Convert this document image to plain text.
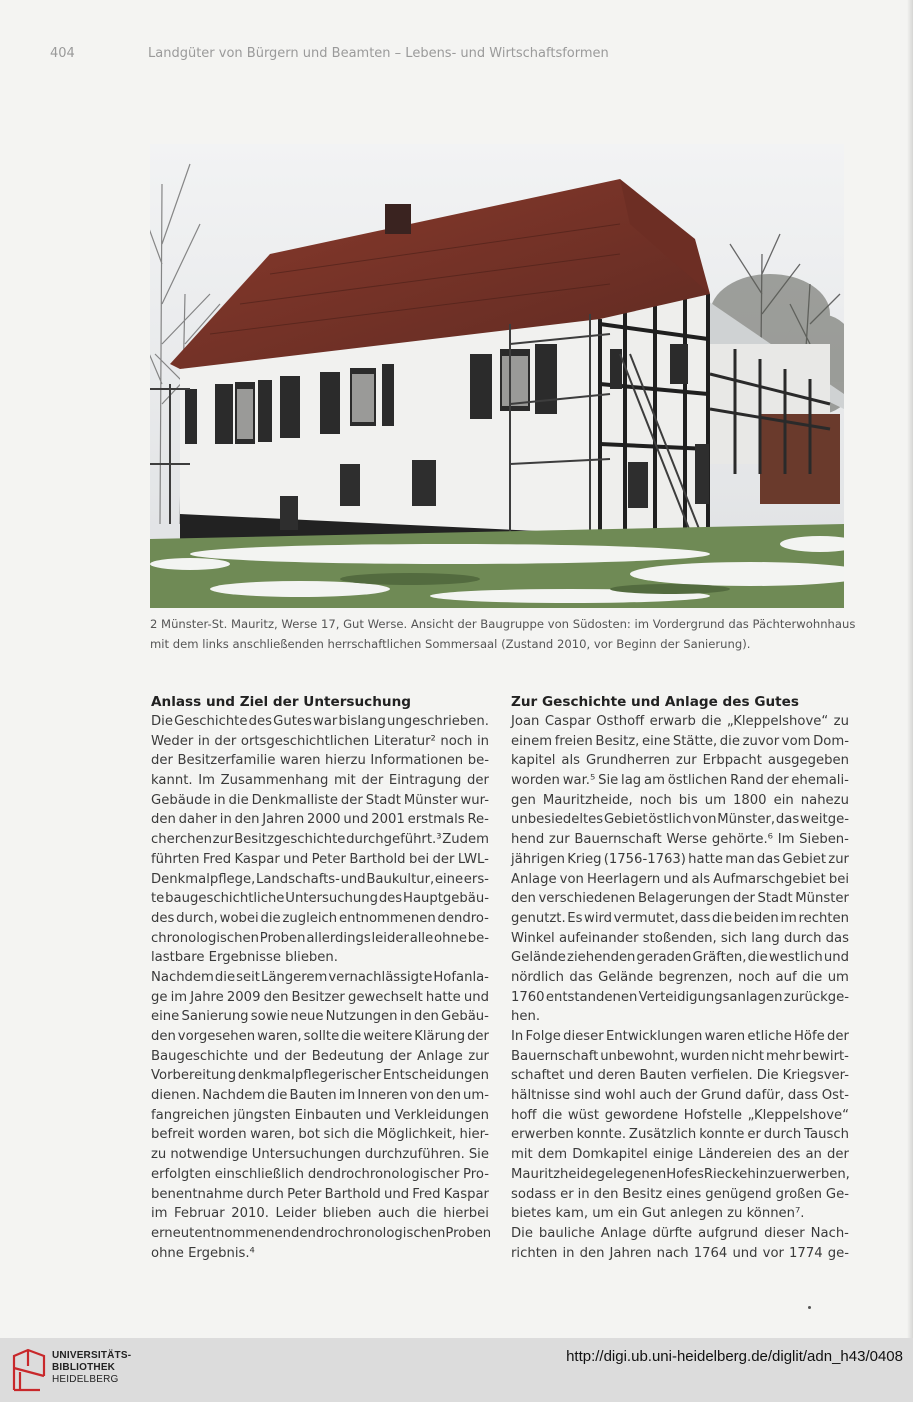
404	Landgüter von Bürgern und Beamten – Lebens- und Wirtschaftsformen

2 Münster-St. Mauritz, Werse 17, Gut Werse. Ansicht der Baugruppe von Südosten: im Vordergrund das Pächterwohnhaus

mit dem links anschließenden herrschaftlichen Sommersaal (Zustand 2010, vor Beginn der Sanierung).

Anlass und Ziel der Untersuchung
Die Geschichte des Gutes war bislang ungeschrieben.
Weder in der ortsgeschichtlichen Literatur² noch in
der Besitzerfamilie waren hierzu Informationen be-
kannt. Im Zusammenhang mit der Eintragung der
Gebäude in die Denkmalliste der Stadt Münster wur-
den daher in den Jahren 2000 und 2001 erstmals Re-
cherchen zur Besitzgeschichte durchgeführt.³ Zudem
führten Fred Kaspar und Peter Barthold bei der LWL-
Denkmalpflege, Landschafts- und Baukultur, eine ers-
te baugeschichtliche Untersuchung des Hauptgebäu-
des durch, wobei die zugleich entnommenen dendro-
chronologischen Proben allerdings leider alle ohne be-
lastbare Ergebnisse blieben.
Nachdem die seit Längerem vernachlässigte Hofanla-
ge im Jahre 2009 den Besitzer gewechselt hatte und
eine Sanierung sowie neue Nutzungen in den Gebäu-
den vorgesehen waren, sollte die weitere Klärung der
Baugeschichte und der Bedeutung der Anlage zur
Vorbereitung denkmalpflegerischer Entscheidungen
dienen. Nachdem die Bauten im Inneren von den um-
fangreichen jüngsten Einbauten und Verkleidungen
befreit worden waren, bot sich die Möglichkeit, hier-
zu notwendige Untersuchungen durchzuführen. Sie
erfolgten einschließlich dendrochronologischer Pro-
benentnahme durch Peter Barthold und Fred Kaspar
im Februar 2010. Leider blieben auch die hierbei
erneut entnommenen dendrochronologischen Proben
ohne Ergebnis.⁴
Zur Geschichte und Anlage des Gutes
Joan Caspar Osthoff erwarb die „Kleppelshove“ zu
einem freien Besitz, eine Stätte, die zuvor vom Dom-
kapitel als Grundherren zur Erbpacht ausgegeben
worden war.⁵ Sie lag am östlichen Rand der ehemali-
gen Mauritzheide, noch bis um 1800 ein nahezu
unbesiedeltes Gebiet östlich von Münster, das weitge-
hend zur Bauernschaft Werse gehörte.⁶ Im Sieben-
jährigen Krieg (1756-1763) hatte man das Gebiet zur
Anlage von Heerlagern und als Aufmarschgebiet bei
den verschiedenen Belagerungen der Stadt Münster
genutzt. Es wird vermutet, dass die beiden im rechten
Winkel aufeinander stoßenden, sich lang durch das
Gelände ziehenden geraden Gräften, die westlich und
nördlich das Gelände begrenzen, noch auf die um
1760 entstandenen Verteidigungsanlagen zurückge-
hen.
In Folge dieser Entwicklungen waren etliche Höfe der
Bauernschaft unbewohnt, wurden nicht mehr bewirt-
schaftet und deren Bauten verfielen. Die Kriegsver-
hältnisse sind wohl auch der Grund dafür, dass Ost-
hoff die wüst gewordene Hofstelle „Kleppelshove“
erwerben konnte. Zusätzlich konnte er durch Tausch
mit dem Domkapitel einige Ländereien des an der
Mauritzheide gelegenen Hofes Riecke hinzuerwerben,
sodass er in den Besitz eines genügend großen Ge-
bietes kam, um ein Gut anlegen zu können⁷.
Die bauliche Anlage dürfte aufgrund dieser Nach-
richten in den Jahren nach 1764 und vor 1774 ge-
UNIVERSITÄTS-
BIBLIOTHEK
HEIDELBERG
http://digi.ub.uni-heidelberg.de/diglit/adn_h43/0408
